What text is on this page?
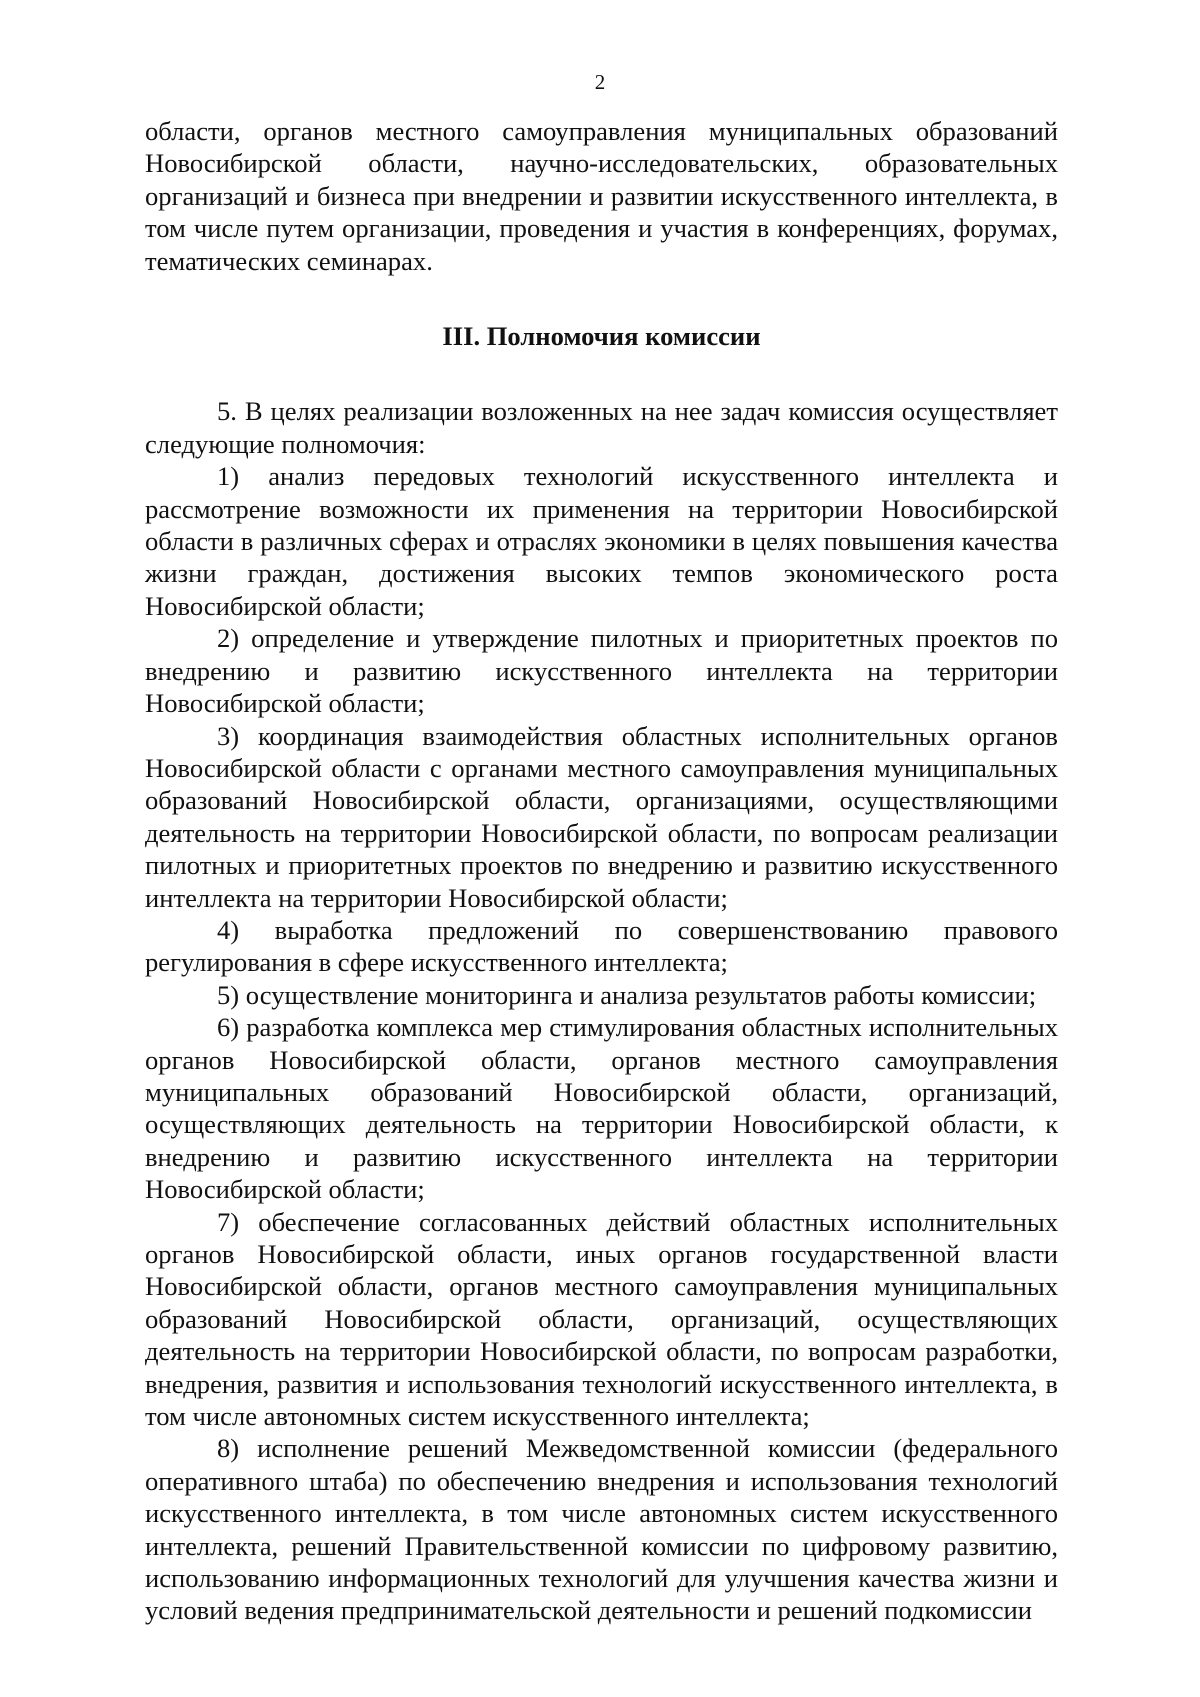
2

области, органов местного самоуправления муниципальных образований Новосибирской области, научно-исследовательских, образовательных организаций и бизнеса при внедрении и развитии искусственного интеллекта, в том числе путем организации, проведения и участия в конференциях, форумах, тематических семинарах.

III. Полномочия комиссии

5. В целях реализации возложенных на нее задач комиссия осуществляет следующие полномочия:

1) анализ передовых технологий искусственного интеллекта и рассмотрение возможности их применения на территории Новосибирской области в различных сферах и отраслях экономики в целях повышения качества жизни граждан, достижения высоких темпов экономического роста Новосибирской области;

2) определение и утверждение пилотных и приоритетных проектов по внедрению и развитию искусственного интеллекта на территории Новосибирской области;

3) координация взаимодействия областных исполнительных органов Новосибирской области с органами местного самоуправления муниципальных образований Новосибирской области, организациями, осуществляющими деятельность на территории Новосибирской области, по вопросам реализации пилотных и приоритетных проектов по внедрению и развитию искусственного интеллекта на территории Новосибирской области;

4) выработка предложений по совершенствованию правового регулирования в сфере искусственного интеллекта;

5) осуществление мониторинга и анализа результатов работы комиссии;

6) разработка комплекса мер стимулирования областных исполнительных органов Новосибирской области, органов местного самоуправления муниципальных образований Новосибирской области, организаций, осуществляющих деятельность на территории Новосибирской области, к внедрению и развитию искусственного интеллекта на территории Новосибирской области;

7) обеспечение согласованных действий областных исполнительных органов Новосибирской области, иных органов государственной власти Новосибирской области, органов местного самоуправления муниципальных образований Новосибирской области, организаций, осуществляющих деятельность на территории Новосибирской области, по вопросам разработки, внедрения, развития и использования технологий искусственного интеллекта, в том числе автономных систем искусственного интеллекта;

8) исполнение решений Межведомственной комиссии (федерального оперативного штаба) по обеспечению внедрения и использования технологий искусственного интеллекта, в том числе автономных систем искусственного интеллекта, решений Правительственной комиссии по цифровому развитию, использованию информационных технологий для улучшения качества жизни и условий ведения предпринимательской деятельности и решений подкомиссии
